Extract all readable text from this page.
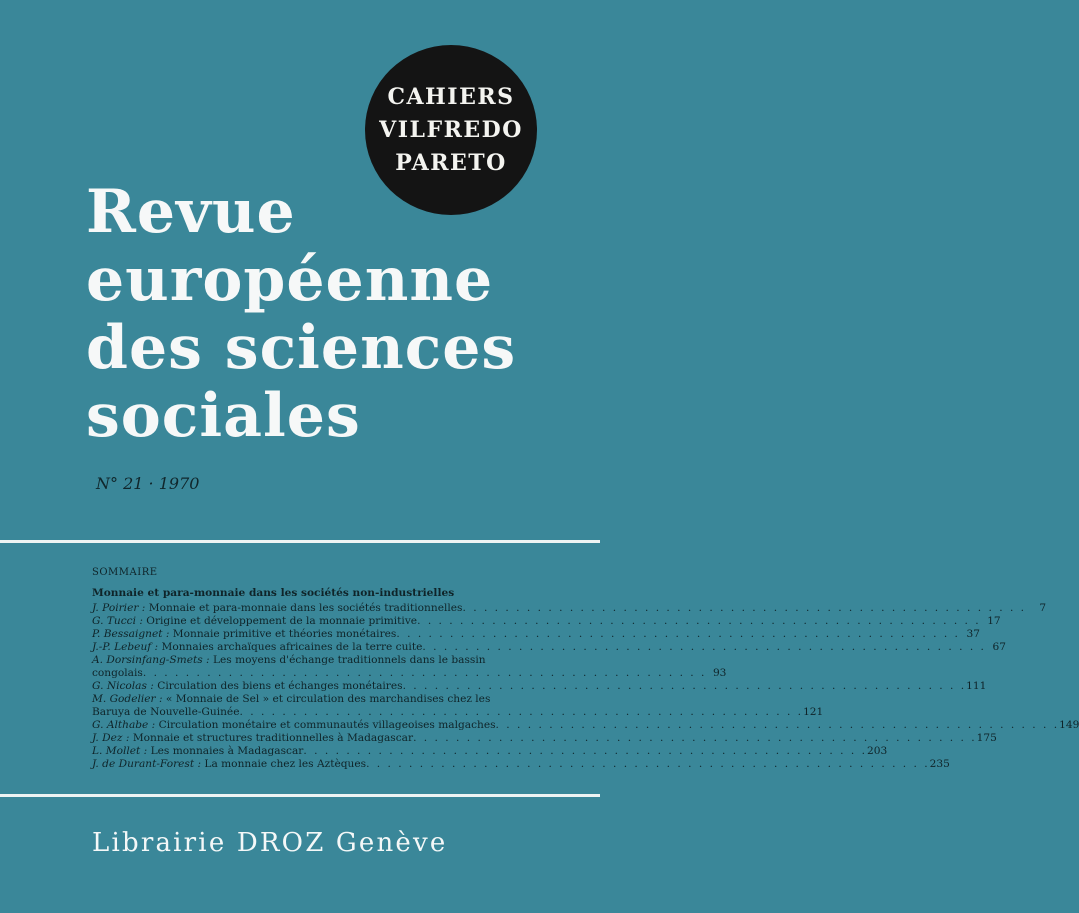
CAHIERS
VILFREDO
PARETO
Revue
européenne
des sciences
sociales
N° 21 · 1970
SOMMAIRE
Monnaie et para-monnaie dans les sociétés non-industrielles
J. Poirier : Monnaie et para-monnaie dans les sociétés traditionnelles . . .	7
G. Tucci : Origine et développement de la monnaie primitive . . .	17
P. Bessaignet : Monnaie primitive et théories monétaires . . .	37
J.-P. Lebeuf : Monnaies archaïques africaines de la terre cuite . . .	67
A. Dorsinfang-Smets : Les moyens d'échange traditionnels dans le bassin
congolais . . .	93
G. Nicolas : Circulation des biens et échanges monétaires . . .	111
M. Godelier : « Monnaie de Sel » et circulation des marchandises chez les
Baruya de Nouvelle-Guinée . . .	121
G. Althabe : Circulation monétaire et communautés villageoises malgaches . . .	149
J. Dez : Monnaie et structures traditionnelles à Madagascar . . .	175
L. Mollet : Les monnaies à Madagascar . . .	203
J. de Durant-Forest : La monnaie chez les Aztèques . . .	235
Librairie DROZ Genève
